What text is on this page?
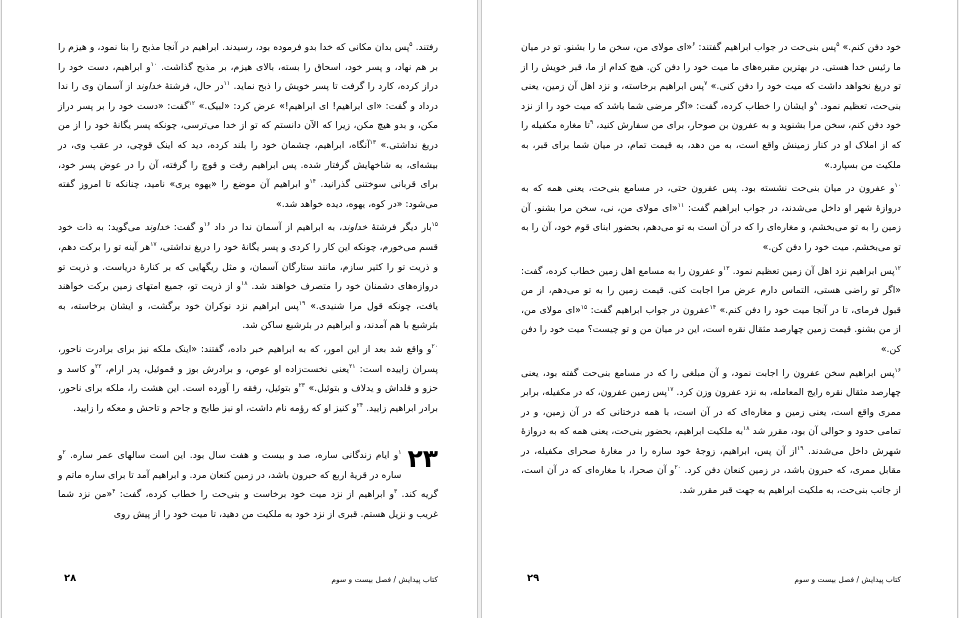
رفتند. $^۵$پس بدان مکانی که خدا بدو فرموده بود، رسیدند. ابراهیم در آنجا مذبح را بنا نمود، و هیزم را بر هم نهاد، و پسر خود، اسحاق را بسته، بالای هیزم، بر مذبح گذاشت. $^{۱۰}$و ابراهیم، دست خود را دراز کرده، کارد را گرفت تا پسر خویش را ذبح نماید. $^{۱۱}$در حال، فرشتهٔ خداوند از آسمان وی را ندا درداد و گفت: «ای ابراهیم! ای ابراهیم!» عرض کرد: «لبیک.» $^{۱۲}$گفت: «دست خود را بر پسر دراز مکن، و بدو هیچ مکن، زیرا که الآن دانستم که تو از خدا می‌ترسی، چونکه پسر یگانهٔ خود را از من دریغ نداشتی.» $^{۱۳}$آنگاه، ابراهیم، چشمان خود را بلند کرده، دید که اینک قوچی، در عقب وی، در بیشه‌ای، به شاخهایش گرفتار شده. پس ابراهیم رفت و قوچ را گرفته، آن را در عوض پسر خود، برای قربانی سوختنی گذرانید. $^{۱۴}$و ابراهیم آن موضع را «یهوه یری» نامید، چنانکه تا امروز گفته می‌شود: «در کوه، یهوه، دیده خواهد شد.»

$^{۱۵}$بار دیگر فرشتهٔ خداوند، به ابراهیم از آسمان ندا در داد $^{۱۶}$و گفت: خداوند می‌گوید: به ذات خود قسم می‌خورم، چونکه این کار را کردی و پسر یگانهٔ خود را دریغ نداشتی، $^{۱۷}$هر آینه تو را برکت دهم، و ذریت تو را کثیر سازم، مانند ستارگان آسمان، و مثل ریگهایی که بر کنارهٔ دریاست. و ذریت تو دروازه‌های دشمنان خود را متصرف خواهند شد. $^{۱۸}$و از ذریت تو، جمیع امتهای زمین برکت خواهند یافت، چونکه قول مرا شنیدی.» $^{۱۹}$پس ابراهیم نزد نوکران خود برگشت، و ایشان برخاسته، به بئرشبع با هم آمدند، و ابراهیم در بئرشبع ساکن شد.

$^{۲۰}$و واقع شد بعد از این امور، که به ابراهیم خبر داده، گفتند: «اینک ملکه نیز برای برادرت ناحور، پسران زاییده است: $^{۲۱}$یعنی نخست‌زاده او عوص، و برادرش بوز و قموئیل، پدر ارام، $^{۲۲}$و کاسد و حزو و فلداش و یدلاف و بتوئیل.» $^{۲۳}$و بتوئیل، رفقه را آورده است. این هشت را، ملکه برای ناحور، برادر ابراهیم زایید. $^{۲۴}$و کنیز او که رؤمه نام داشت، او نیز طابح و جاحم و تاحش و معکه را زایید.

۲۳
$^۱$و ایام زندگانی ساره، صد و بیست و هفت سال بود. این است سالهای عمر ساره. $^۲$و ساره در قریهٔ اربع که حبرون باشد، در زمین کنعان مرد. و ابراهیم آمد تا برای ساره ماتم و گریه کند. $^۳$و ابراهیم از نزد میت خود برخاست و بنی‌حت را خطاب کرده، گفت: $^۴$«من نزد شما غریب و نزیل هستم. قبری از نزد خود به ملکیت من دهید، تا میت خود را از پیش روی

۲۸	کتاب پیدایش / فصل بیست و سوم

خود دفن کنم.» $^۵$پس بنی‌حت در جواب ابراهیم گفتند: $^۶$«ای مولای من، سخن ما را بشنو. تو در میان ما رئیس خدا هستی. در بهترین مقبره‌های ما میت خود را دفن کن. هیچ کدام از ما، قبر خویش را از تو دریغ نخواهد داشت که میت خود را دفن کنی.» $^۷$پس ابراهیم برخاسته، و نزد اهل آن زمین، یعنی بنی‌حت، تعظیم نمود. $^۸$و ایشان را خطاب کرده، گفت: «اگر مرضی شما باشد که میت خود را از نزد خود دفن کنم، سخن مرا بشنوید و به عفرون بن صوحار، برای من سفارش کنید، $^۹$تا مغاره مکفیله را که از املاک او در کنار زمینش واقع است، به من دهد، به قیمت تمام، در میان شما برای قبر، به ملکیت من بسپارد.»

$^{۱۰}$و عفرون در میان بنی‌حت نشسته بود. پس عفرون حتی، در مسامع بنی‌حت، یعنی همه که به دروازهٔ شهر او داخل می‌شدند، در جواب ابراهیم گفت: $^{۱۱}$«ای مولای من، نی، سخن مرا بشنو. آن زمین را به تو می‌بخشم، و مغاره‌ای را که در آن است به تو می‌دهم، بحضور ابنای قوم خود، آن را به تو می‌بخشم. میت خود را دفن کن.»

$^{۱۲}$پس ابراهیم نزد اهل آن زمین تعظیم نمود. $^{۱۳}$و عفرون را به مسامع اهل زمین خطاب کرده، گفت: «اگر تو راضی هستی، التماس دارم عرض مرا اجابت کنی. قیمت زمین را به تو می‌دهم، از من قبول فرمای، تا در آنجا میت خود را دفن کنم.» $^{۱۴}$عفرون در جواب ابراهیم گفت: $^{۱۵}$«ای مولای من، از من بشنو. قیمت زمین چهارصد مثقال نقره است، این در میان من و تو چیست؟ میت خود را دفن کن.»

$^{۱۶}$پس ابراهیم سخن عفرون را اجابت نمود، و آن مبلغی را که در مسامع بنی‌حت گفته بود، یعنی چهارصد مثقال نقره رایج المعامله، به نزد عفرون وزن کرد. $^{۱۷}$پس زمین عفرون، که در مکفیله، برابر ممری واقع است، یعنی زمین و مغاره‌ای که در آن است، با همه درختانی که در آن زمین، و در تمامی حدود و حوالی آن بود، مقرر شد $^{۱۸}$به ملکیت ابراهیم، بحضور بنی‌حت، یعنی همه که به دروازهٔ شهرش داخل می‌شدند. $^{۱۹}$از آن پس، ابراهیم، زوجهٔ خود ساره را در مغارهٔ صحرای مکفیله، در مقابل ممری، که حبرون باشد، در زمین کنعان دفن کرد. $^{۲۰}$و آن صحرا، با مغاره‌ای که در آن است، از جانب بنی‌حت، به ملکیت ابراهیم به جهت قبر مقرر شد.

۲۹	کتاب پیدایش / فصل بیست و سوم
